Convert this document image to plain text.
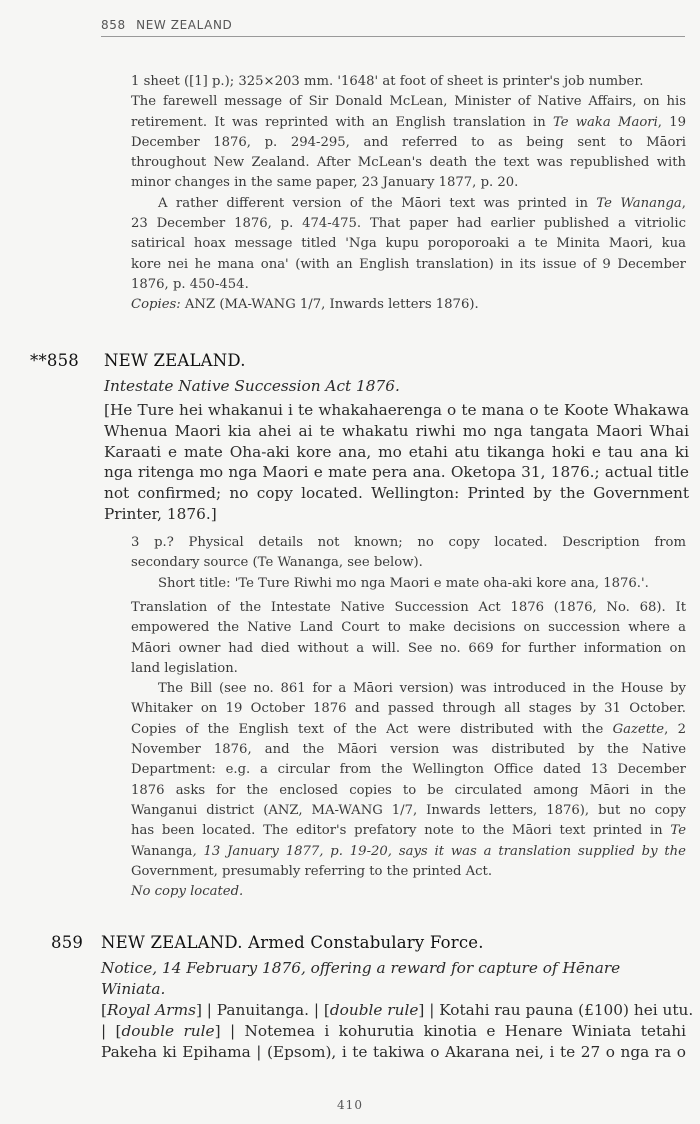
858 NEW ZEALAND
1 sheet ([1] p.); 325×203 mm. '1648' at foot of sheet is printer's job number.
The farewell message of Sir Donald McLean, Minister of Native Affairs, on his
retirement. It was reprinted with an English translation in Te waka Maori, 19
December 1876, p. 294-295, and referred to as being sent to Māori
throughout New Zealand. After McLean's death the text was republished with
minor changes in the same paper, 23 January 1877, p. 20.
A rather different version of the Māori text was printed in Te Wananga,
23 December 1876, p. 474-475. That paper had earlier published a vitriolic
satirical hoax message titled 'Nga kupu poroporoaki a te Minita Maori, kua
kore nei he mana ona' (with an English translation) in its issue of 9 December
1876, p. 450-454.
Copies: ANZ (MA-WANG 1/7, Inwards letters 1876).
**858 NEW ZEALAND.
Intestate Native Succession Act 1876.
[He Ture hei whakanui i te whakahaerenga o te mana o te Koote Whakawa
Whenua Maori kia ahei ai te whakatu riwhi mo nga tangata Maori Whai
Karaati e mate Oha-aki kore ana, mo etahi atu tikanga hoki e tau ana ki
nga ritenga mo nga Maori e mate pera ana. Oketopa 31, 1876.; actual title
not confirmed; no copy located. Wellington: Printed by the Government
Printer, 1876.]
3 p.? Physical details not known; no copy located. Description from
secondary source (Te Wananga, see below).
Short title: 'Te Ture Riwhi mo nga Maori e mate oha-aki kore ana, 1876.'.
Translation of the Intestate Native Succession Act 1876 (1876, No. 68). It
empowered the Native Land Court to make decisions on succession where a
Māori owner had died without a will. See no. 669 for further information on
land legislation.
The Bill (see no. 861 for a Māori version) was introduced in the House by
Whitaker on 19 October 1876 and passed through all stages by 31 October.
Copies of the English text of the Act were distributed with the Gazette, 2
November 1876, and the Māori version was distributed by the Native
Department: e.g. a circular from the Wellington Office dated 13 December
1876 asks for the enclosed copies to be circulated among Māori in the
Wanganui district (ANZ, MA-WANG 1/7, Inwards letters, 1876), but no copy
has been located. The editor's prefatory note to the Māori text printed in Te
Wananga, 13 January 1877, p. 19-20, says it was a translation supplied by the
Government, presumably referring to the printed Act.
No copy located.
859 NEW ZEALAND. Armed Constabulary Force.
Notice, 14 February 1876, offering a reward for capture of Hēnare
Winiata.
[Royal Arms] | Panuitanga. | [double rule] | Kotahi rau pauna (£100) hei utu.
| [double rule] | Notemea i kohurutia kinotia e Henare Winiata tetahi
Pakeha ki Epihama | (Epsom), i te takiwa o Akarana nei, i te 27 o nga ra o
410
